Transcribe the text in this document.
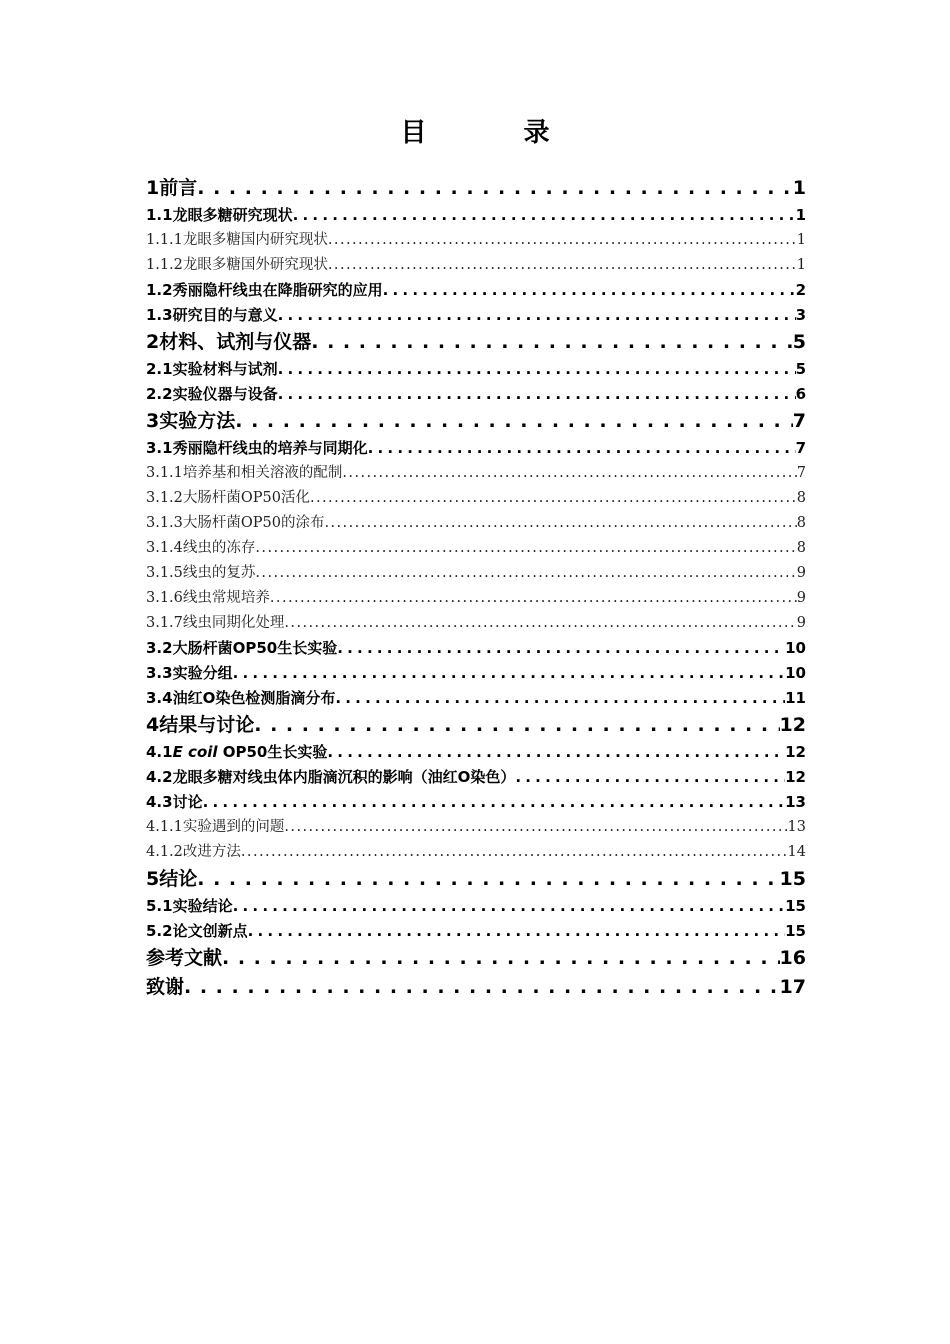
目 录
1前言 . . .	1
1.1龙眼多糖研究现状 . . .	1
1.1.1龙眼多糖国内研究现状 . . .	1
1.1.2龙眼多糖国外研究现状 . . .	1
1.2秀丽隐杆线虫在降脂研究的应用 . . .	2
1.3研究目的与意义 . . .	3
2材料、试剂与仪器 . . .	5
2.1实验材料与试剂 . . .	5
2.2实验仪器与设备 . . .	6
3实验方法 . . .	7
3.1秀丽隐杆线虫的培养与同期化 . . .	7
3.1.1培养基和相关溶液的配制 . . .	7
3.1.2大肠杆菌OP50活化 . . .	8
3.1.3大肠杆菌OP50的涂布 . . .	8
3.1.4线虫的冻存 . . .	8
3.1.5线虫的复苏 . . .	9
3.1.6线虫常规培养 . . .	9
3.1.7线虫同期化处理 . . .	9
3.2大肠杆菌OP50生长实验 . . .	10
3.3实验分组 . . .	10
3.4油红O染色检测脂滴分布 . . .	11
4结果与讨论 . . .	12
4.1E coil OP50生长实验 . . .	12
4.2龙眼多糖对线虫体内脂滴沉积的影响（油红O染色） . . .	12
4.3讨论 . . .	13
4.1.1实验遇到的问题 . . .	13
4.1.2改进方法 . . .	14
5结论 . . .	15
5.1实验结论 . . .	15
5.2论文创新点 . . .	15
参考文献 . . .	16
致谢 . . .	17
